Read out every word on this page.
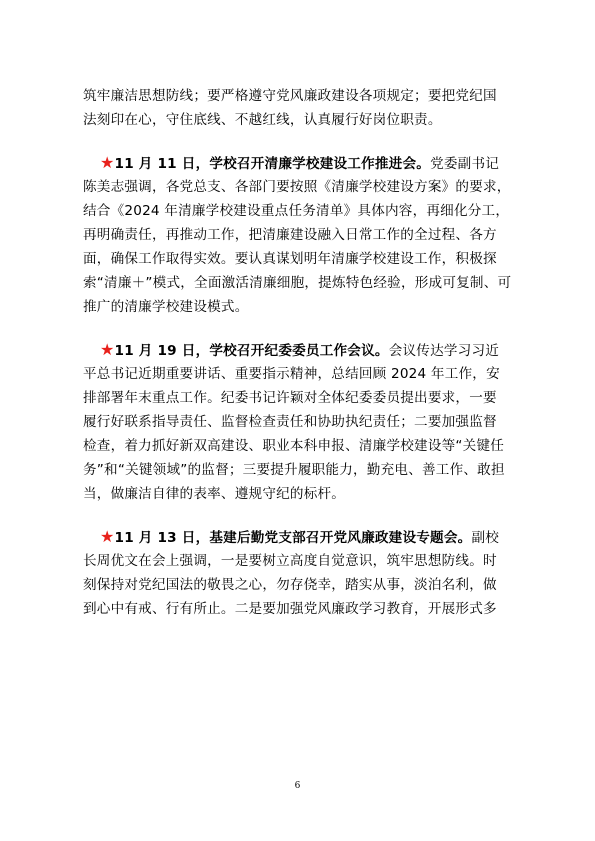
筑牢廉洁思想防线；要严格遵守党风廉政建设各项规定；要把党纪国
法刻印在心，守住底线、不越红线，认真履行好岗位职责。
★11 月 11 日，学校召开清廉学校建设工作推进会。党委副书记
陈美志强调，各党总支、各部门要按照《清廉学校建设方案》的要求，
结合《2024 年清廉学校建设重点任务清单》具体内容，再细化分工，
再明确责任，再推动工作，把清廉建设融入日常工作的全过程、各方
面，确保工作取得实效。要认真谋划明年清廉学校建设工作，积极探
索“清廉＋”模式，全面激活清廉细胞，提炼特色经验，形成可复制、可
推广的清廉学校建设模式。
★11 月 19 日，学校召开纪委委员工作会议。会议传达学习习近
平总书记近期重要讲话、重要指示精神，总结回顾 2024 年工作，安
排部署年末重点工作。纪委书记许颖对全体纪委委员提出要求，一要
履行好联系指导责任、监督检查责任和协助执纪责任；二要加强监督
检查，着力抓好新双高建设、职业本科申报、清廉学校建设等“关键任
务”和“关键领域”的监督；三要提升履职能力，勤充电、善工作、敢担
当，做廉洁自律的表率、遵规守纪的标杆。
★11 月 13 日，基建后勤党支部召开党风廉政建设专题会。副校
长周优文在会上强调，一是要树立高度自觉意识，筑牢思想防线。时
刻保持对党纪国法的敬畏之心，勿存侥幸，踏实从事，淡泊名利，做
到心中有戒、行有所止。二是要加强党风廉政学习教育，开展形式多
6
